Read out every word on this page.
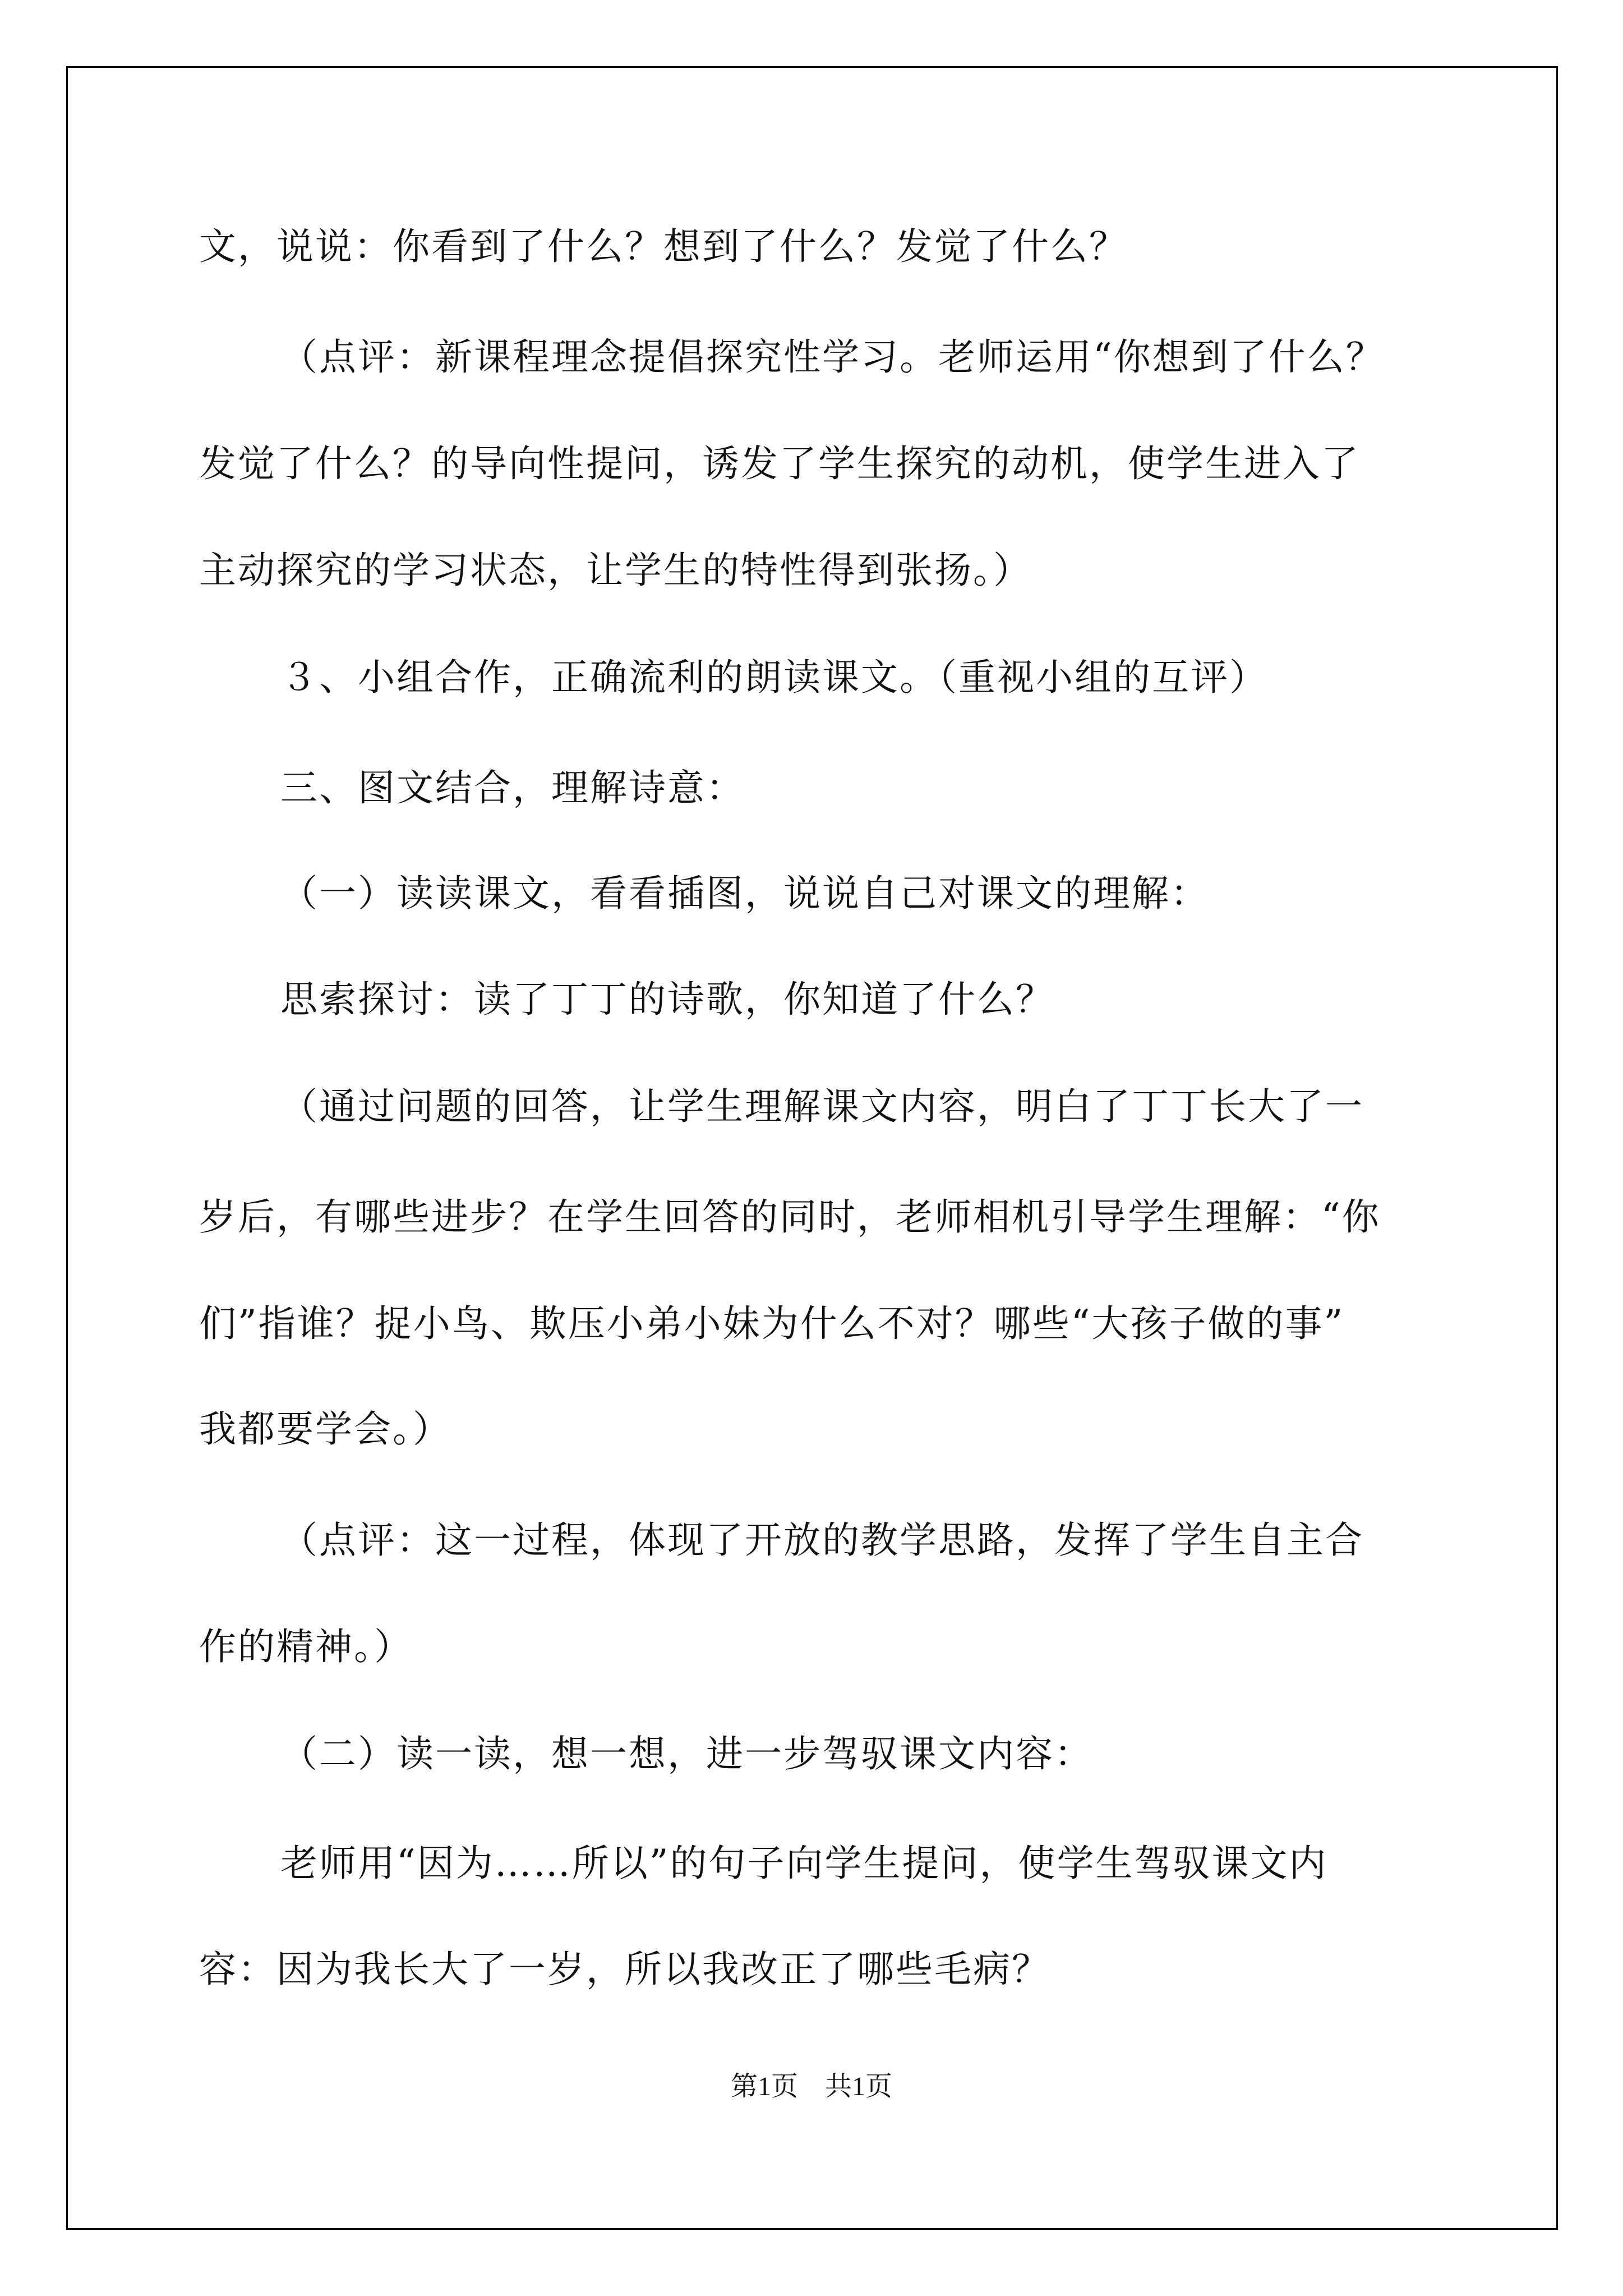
文，说说：你看到了什么？想到了什么？发觉了什么？

（点评：新课程理念提倡探究性学习。老师运用“你想到了什么？

发觉了什么？的导向性提问，诱发了学生探究的动机，使学生进入了

主动探究的学习状态，让学生的特性得到张扬。）

３、小组合作，正确流利的朗读课文。（重视小组的互评）

三、图文结合，理解诗意：

（一）读读课文，看看插图，说说自己对课文的理解：

思索探讨：读了丁丁的诗歌，你知道了什么？

（通过问题的回答，让学生理解课文内容，明白了丁丁长大了一

岁后，有哪些进步？在学生回答的同时，老师相机引导学生理解：“你

们”指谁？捉小鸟、欺压小弟小妹为什么不对？哪些“大孩子做的事”

我都要学会。）

（点评：这一过程，体现了开放的教学思路，发挥了学生自主合

作的精神。）

（二）读一读，想一想，进一步驾驭课文内容：

老师用“因为……所以”的句子向学生提问，使学生驾驭课文内

容：因为我长大了一岁，所以我改正了哪些毛病？

第1页 共1页
